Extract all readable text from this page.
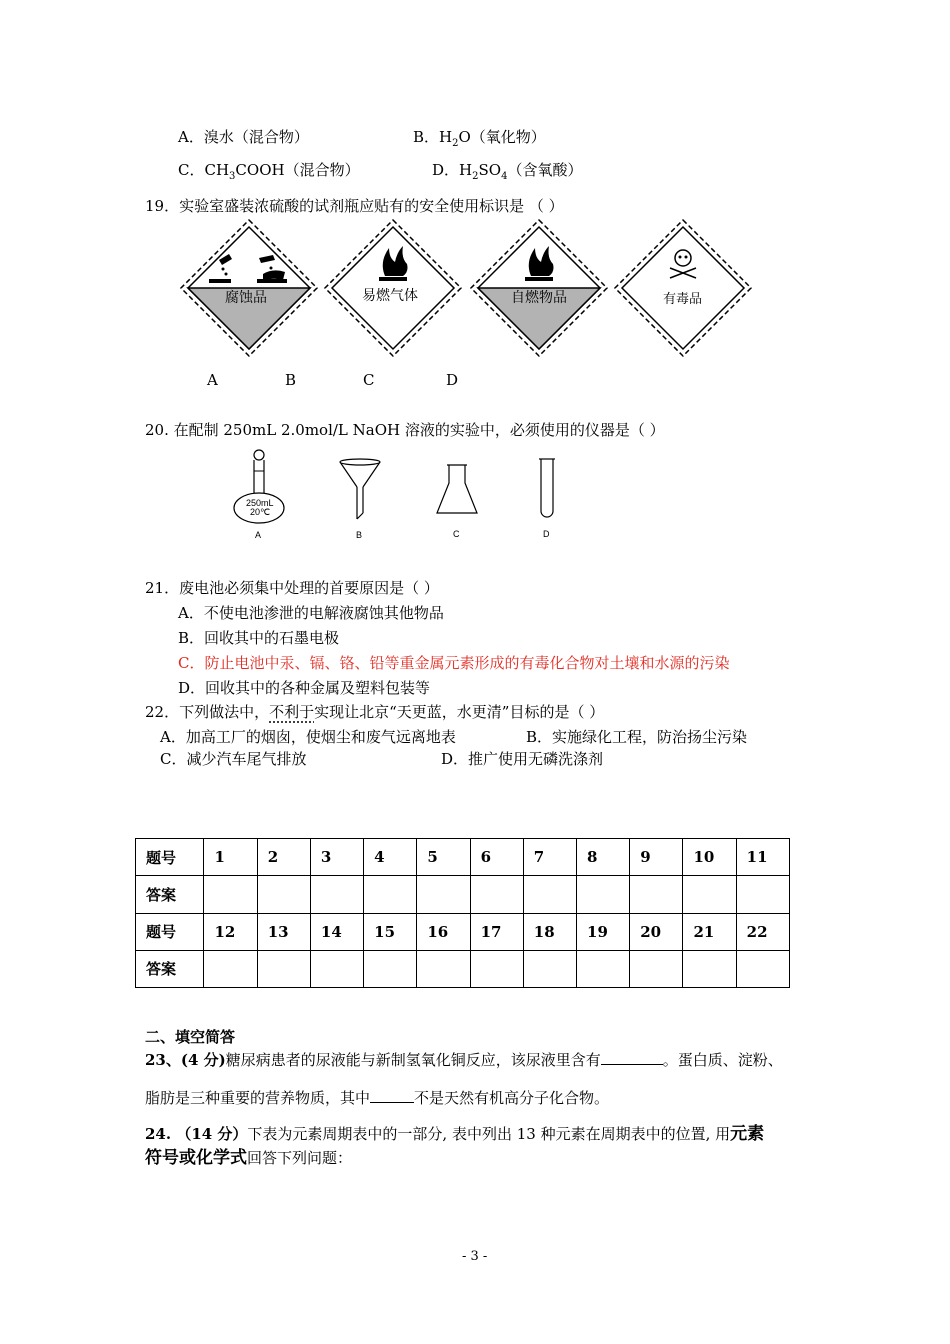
A．溴水（混合物）	B．$H_2O$（氧化物）
C．$CH_3COOH$（混合物）	D．$H_2SO_4$（含氧酸）
19．实验室盛装浓硫酸的试剂瓶应贴有的安全使用标识是 （ ）
腐蚀品	易燃气体	自燃物品	有毒品
A	B	C	D
20. 在配制 250mL 2.0mol/L NaOH 溶液的实验中，必须使用的仪器是（ ）
250mL
20℃
A	B	C	D
21．废电池必须集中处理的首要原因是（ ）
A．不使电池渗泄的电解液腐蚀其他物品
B．回收其中的石墨电极
C．防止电池中汞、镉、铬、铅等重金属元素形成的有毒化合物对土壤和水源的污染
D．回收其中的各种金属及塑料包装等
22．下列做法中，不利于实现让北京“天更蓝，水更清”目标的是（ ）
A．加高工厂的烟囱，使烟尘和废气远离地表	B．实施绿化工程，防治扬尘污染
C．减少汽车尾气排放	D．推广使用无磷洗涤剂
题号	1	2	3	4	5	6	7	8	9	10	11
答案											
题号	12	13	14	15	16	17	18	19	20	21	22
答案											
二、填空简答
23、(4 分)糖尿病患者的尿液能与新制氢氧化铜反应，该尿液里含有	。蛋白质、淀粉、
脂肪是三种重要的营养物质，其中	不是天然有机高分子化合物。
24. （14 分）下表为元素周期表中的一部分, 表中列出 13 种元素在周期表中的位置, 用元素
符号或化学式回答下列问题：
- 3 -
